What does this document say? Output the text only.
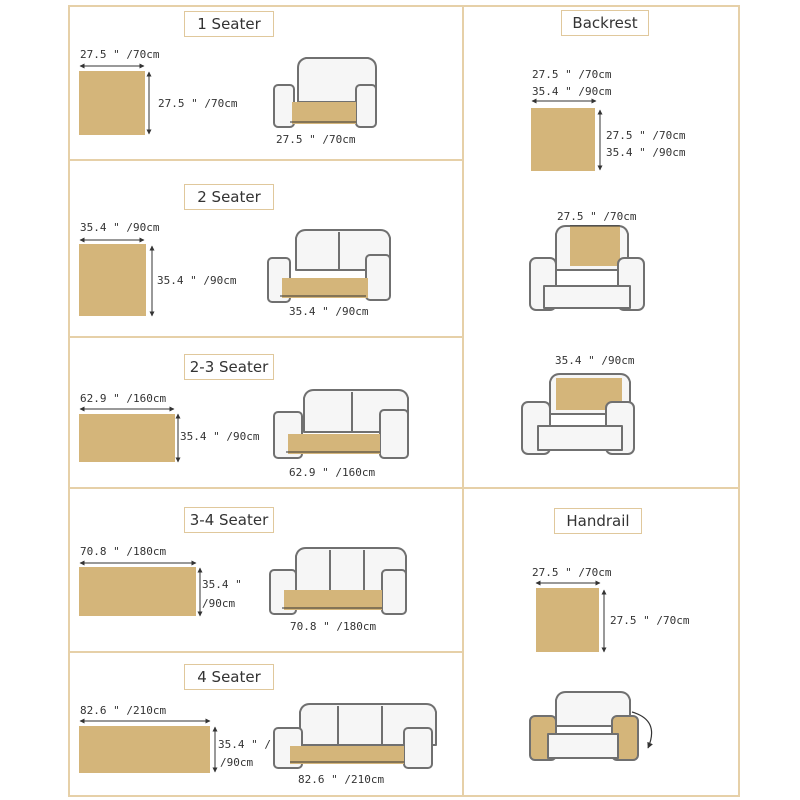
1 Seater
2 Seater
2-3 Seater
3-4 Seater
4 Seater
Backrest
Handrail
27.5 " /70cm
27.5 " /70cm
27.5 " /70cm
35.4 " /90cm
35.4 " /90cm
35.4 " /90cm
62.9 " /160cm
35.4 " /90cm
62.9 " /160cm
70.8 " /180cm
35.4 "
/90cm
70.8 " /180cm
82.6 " /210cm
35.4 " /
/90cm
82.6 " /210cm
27.5 " /70cm
35.4 " /90cm
27.5 " /70cm
35.4 " /90cm
27.5 " /70cm
35.4 " /90cm
27.5 " /70cm
27.5 " /70cm
